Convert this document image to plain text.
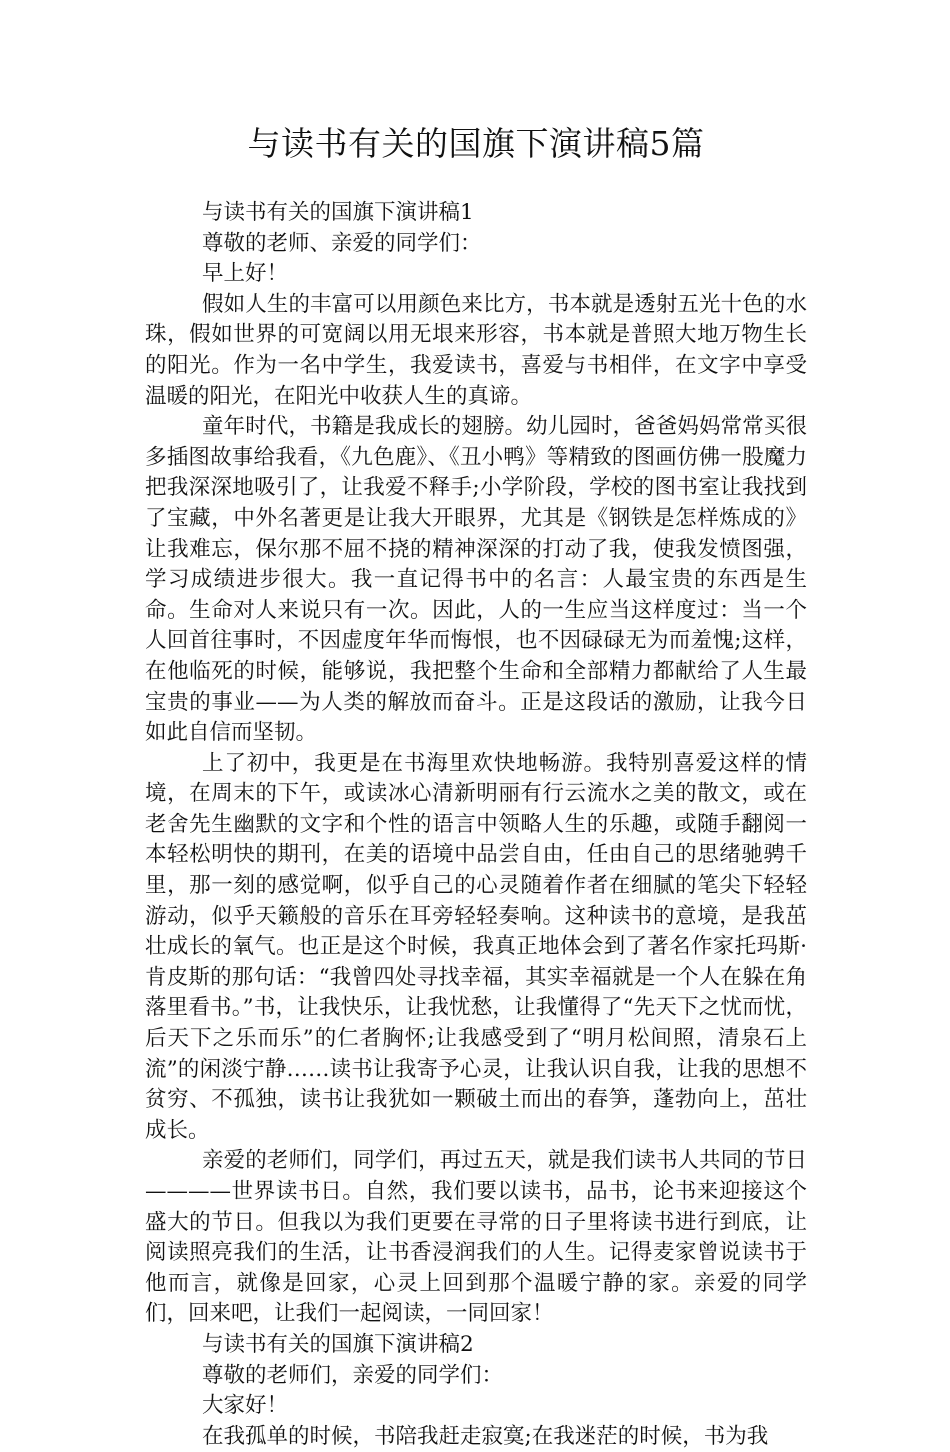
与读书有关的国旗下演讲稿5篇

与读书有关的国旗下演讲稿1

尊敬的老师、亲爱的同学们：

早上好！

假如人生的丰富可以用颜色来比方，书本就是透射五光十色的水珠，假如世界的可宽阔以用无垠来形容，书本就是普照大地万物生长的阳光。作为一名中学生，我爱读书，喜爱与书相伴，在文字中享受温暖的阳光，在阳光中收获人生的真谛。

童年时代，书籍是我成长的翅膀。幼儿园时，爸爸妈妈常常买很多插图故事给我看，《九色鹿》、《丑小鸭》等精致的图画仿佛一股魔力把我深深地吸引了，让我爱不释手;小学阶段，学校的图书室让我找到了宝藏，中外名著更是让我大开眼界，尤其是《钢铁是怎样炼成的》让我难忘，保尔那不屈不挠的精神深深的打动了我，使我发愤图强，学习成绩进步很大。我一直记得书中的名言：人最宝贵的东西是生命。生命对人来说只有一次。因此，人的一生应当这样度过：当一个人回首往事时，不因虚度年华而悔恨，也不因碌碌无为而羞愧;这样，在他临死的时候，能够说，我把整个生命和全部精力都献给了人生最宝贵的事业——为人类的解放而奋斗。正是这段话的激励，让我今日如此自信而坚韧。

上了初中，我更是在书海里欢快地畅游。我特别喜爱这样的情境，在周末的下午，或读冰心清新明丽有行云流水之美的散文，或在老舍先生幽默的文字和个性的语言中领略人生的乐趣，或随手翻阅一本轻松明快的期刊，在美的语境中品尝自由，任由自己的思绪驰骋千里，那一刻的感觉啊，似乎自己的心灵随着作者在细腻的笔尖下轻轻游动，似乎天籁般的音乐在耳旁轻轻奏响。这种读书的意境，是我茁壮成长的氧气。也正是这个时候，我真正地体会到了著名作家托玛斯·肯皮斯的那句话：“我曾四处寻找幸福，其实幸福就是一个人在躲在角落里看书。”书，让我快乐，让我忧愁，让我懂得了“先天下之忧而忧，后天下之乐而乐”的仁者胸怀;让我感受到了“明月松间照，清泉石上流”的闲淡宁静……读书让我寄予心灵，让我认识自我，让我的思想不贫穷、不孤独，读书让我犹如一颗破土而出的春笋，蓬勃向上，茁壮成长。

亲爱的老师们，同学们，再过五天，就是我们读书人共同的节日————世界读书日。自然，我们要以读书，品书，论书来迎接这个盛大的节日。但我以为我们更要在寻常的日子里将读书进行到底，让阅读照亮我们的生活，让书香浸润我们的人生。记得麦家曾说读书于他而言，就像是回家，心灵上回到那个温暖宁静的家。亲爱的同学们，回来吧，让我们一起阅读，一同回家！

与读书有关的国旗下演讲稿2

尊敬的老师们，亲爱的同学们：

大家好！

在我孤单的时候，书陪我赶走寂寞;在我迷茫的时候，书为我
